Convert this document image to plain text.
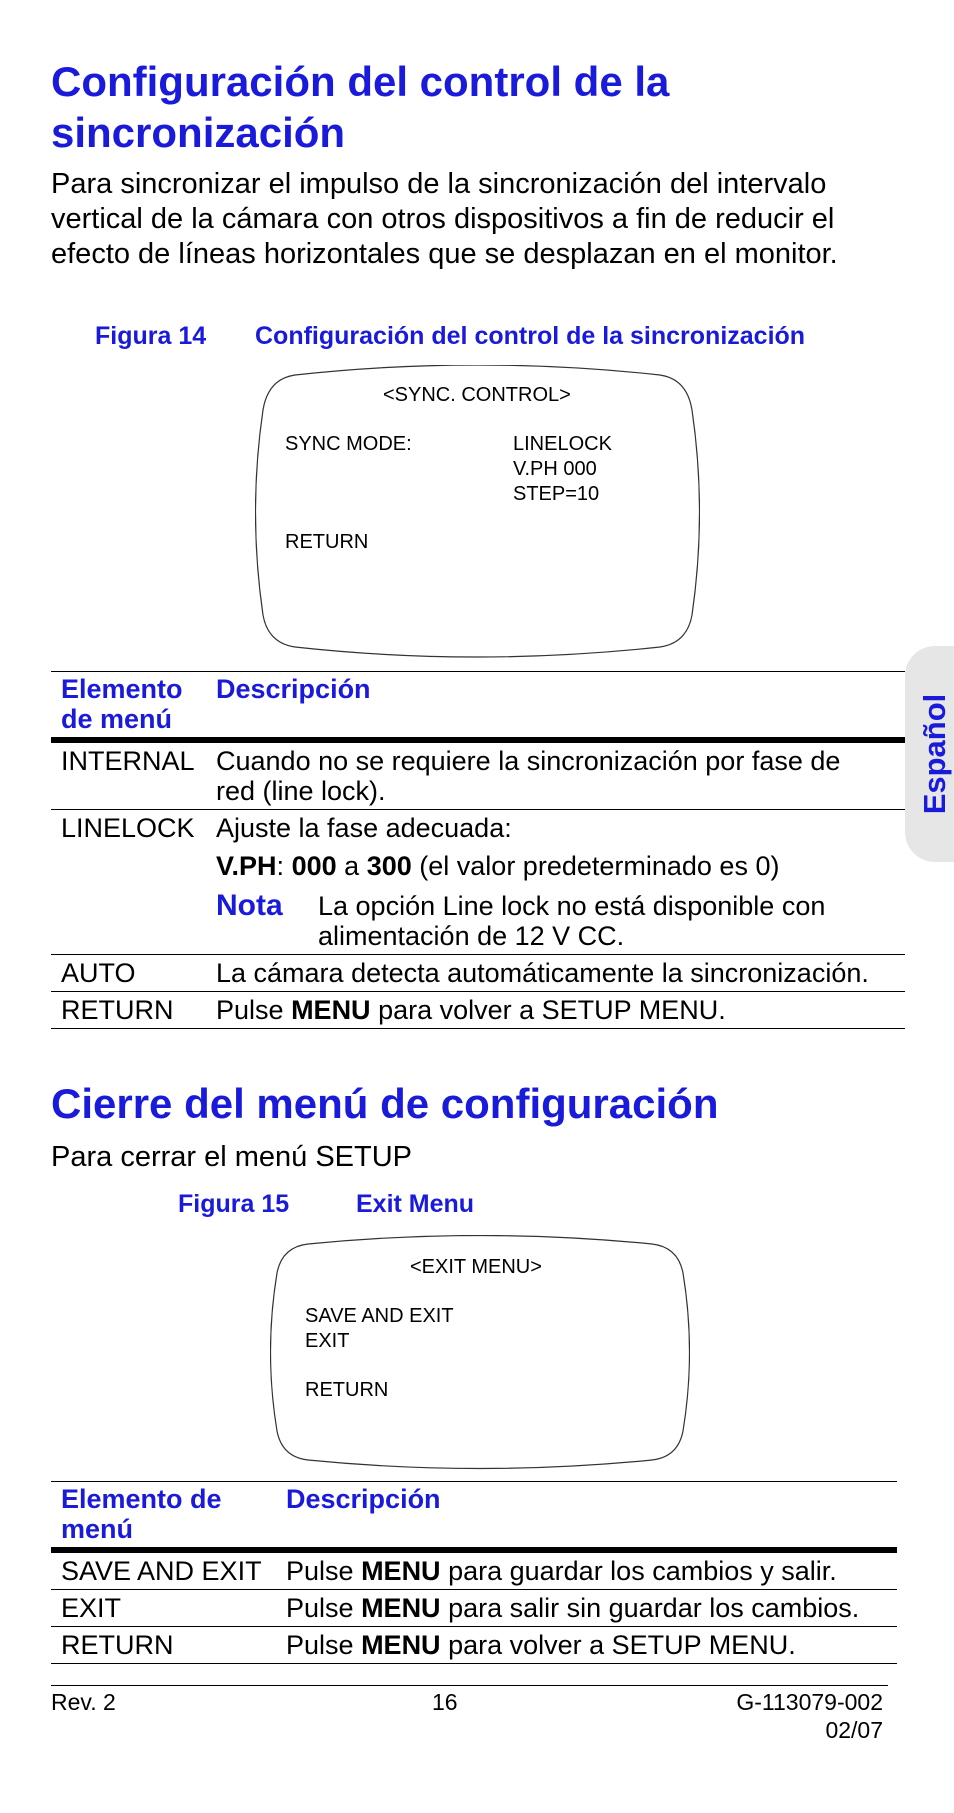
Configuración del control de la sincronización

Para sincronizar el impulso de la sincronización del intervalo vertical de la cámara con otros dispositivos a fin de reducir el efecto de líneas horizontales que se desplazan en el monitor.

Figura 14 Configuración del control de la sincronización
<SYNC. CONTROL>
SYNC MODE:	LINELOCK
V.PH 000
STEP=10
RETURN
Elemento de menú	Descripción
INTERNAL	Cuando no se requiere la sincronización por fase de red (line lock).
LINELOCK	Ajuste la fase adecuada:
V.PH: 000 a 300 (el valor predeterminado es 0)
Nota La opción Line lock no está disponible con alimentación de 12 V CC.

AUTO	La cámara detecta automáticamente la sincronización.
RETURN	Pulse MENU para volver a SETUP MENU.
Español
Cierre del menú de configuración

Para cerrar el menú SETUP

Figura 15	Exit Menu
<EXIT MENU>
SAVE AND EXIT
EXIT
RETURN
Elemento de menú	Descripción
SAVE AND EXIT	Pulse MENU para guardar los cambios y salir.
EXIT	Pulse MENU para salir sin guardar los cambios.
RETURN	Pulse MENU para volver a SETUP MENU.
Rev. 2	16	G-113079-002
02/07
